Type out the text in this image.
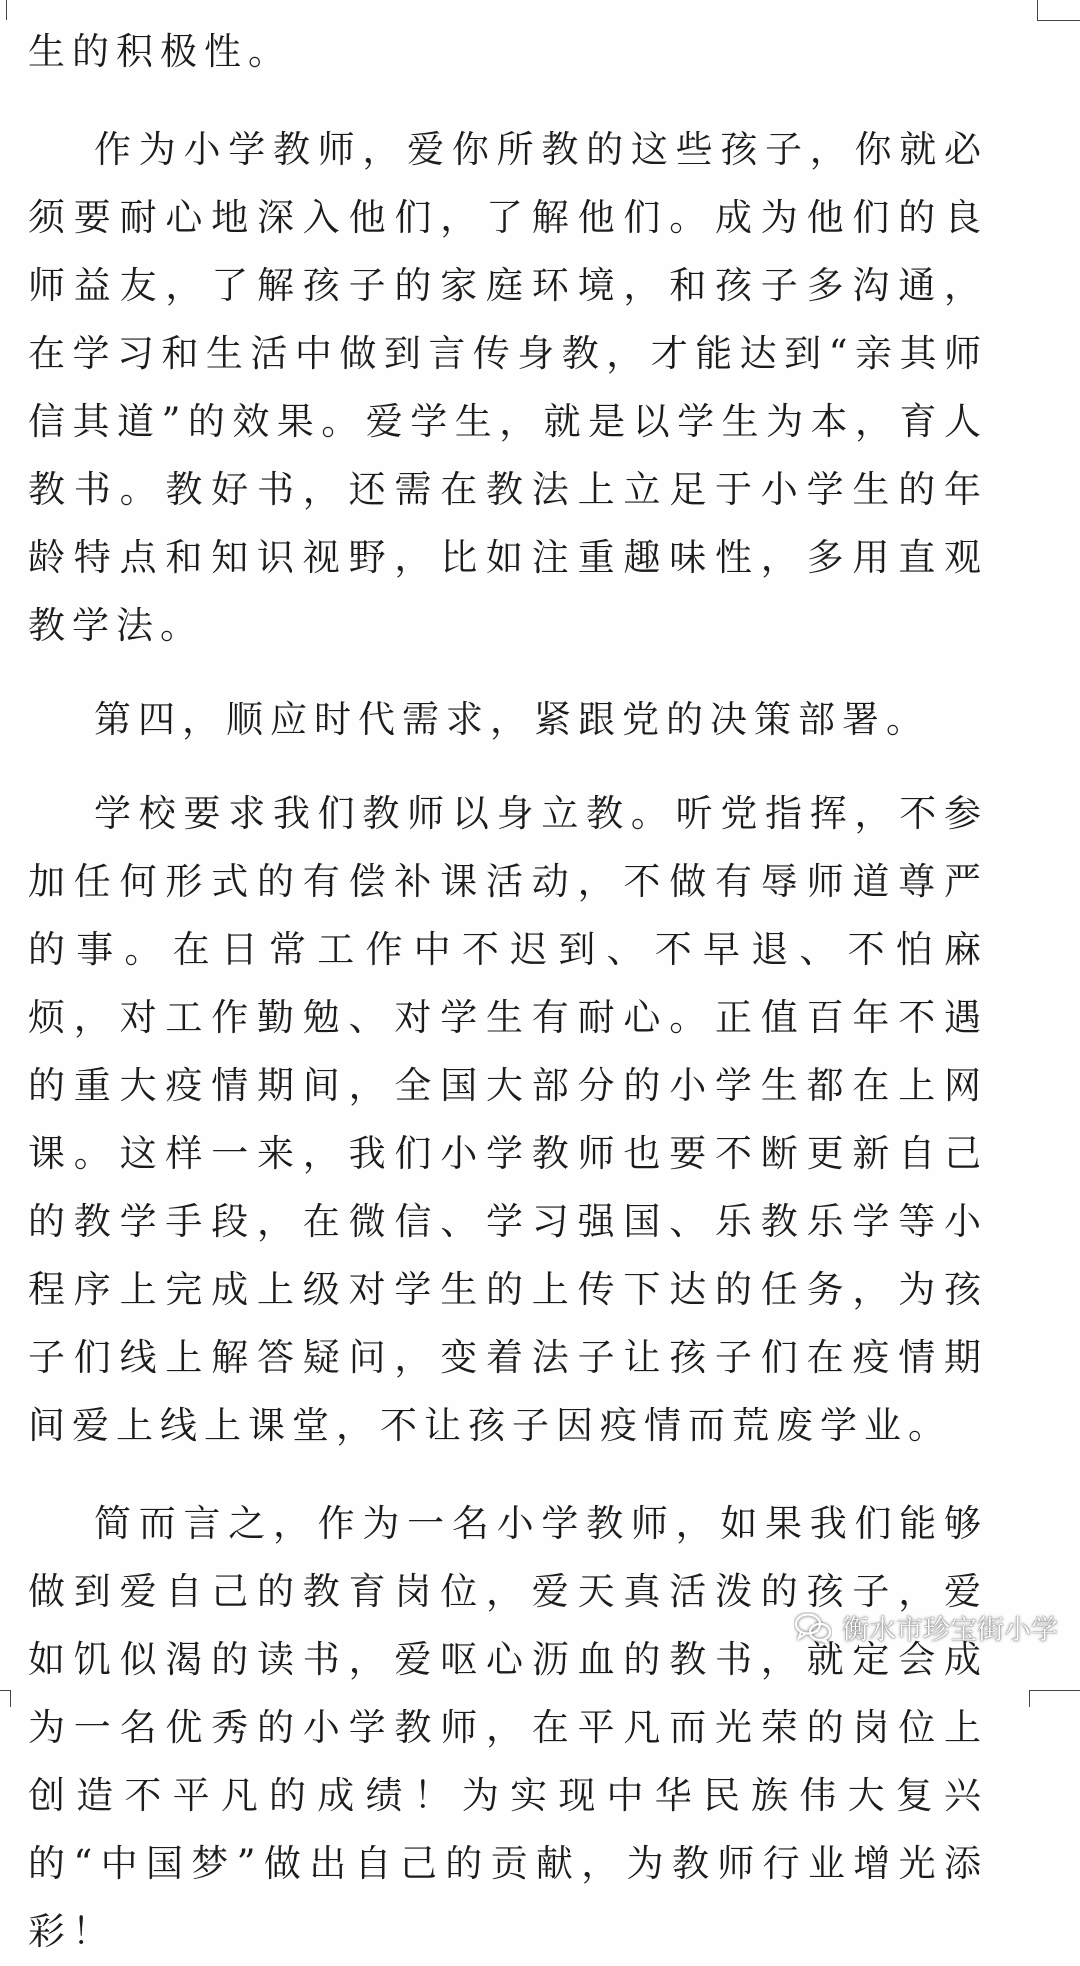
生的积极性。

作为小学教师，爱你所教的这些孩子，你就必须要耐心地深入他们，了解他们。成为他们的良师益友，了解孩子的家庭环境，和孩子多沟通，在学习和生活中做到言传身教，才能达到“亲其师信其道”的效果。爱学生，就是以学生为本，育人教书。教好书，还需在教法上立足于小学生的年龄特点和知识视野，比如注重趣味性，多用直观教学法。

第四，顺应时代需求，紧跟党的决策部署。

学校要求我们教师以身立教。听党指挥，不参加任何形式的有偿补课活动，不做有辱师道尊严的事。在日常工作中不迟到、不早退、不怕麻烦，对工作勤勉、对学生有耐心。正值百年不遇的重大疫情期间，全国大部分的小学生都在上网课。这样一来，我们小学教师也要不断更新自己的教学手段，在微信、学习强国、乐教乐学等小程序上完成上级对学生的上传下达的任务，为孩子们线上解答疑问，变着法子让孩子们在疫情期间爱上线上课堂，不让孩子因疫情而荒废学业。

简而言之，作为一名小学教师，如果我们能够做到爱自己的教育岗位，爱天真活泼的孩子，爱如饥似渴的读书，爱呕心沥血的教书，就定会成为一名优秀的小学教师，在平凡而光荣的岗位上创造不平凡的成绩！为实现中华民族伟大复兴的“中国梦”做出自己的贡献，为教师行业增光添彩！

衡水市珍宝街小学
